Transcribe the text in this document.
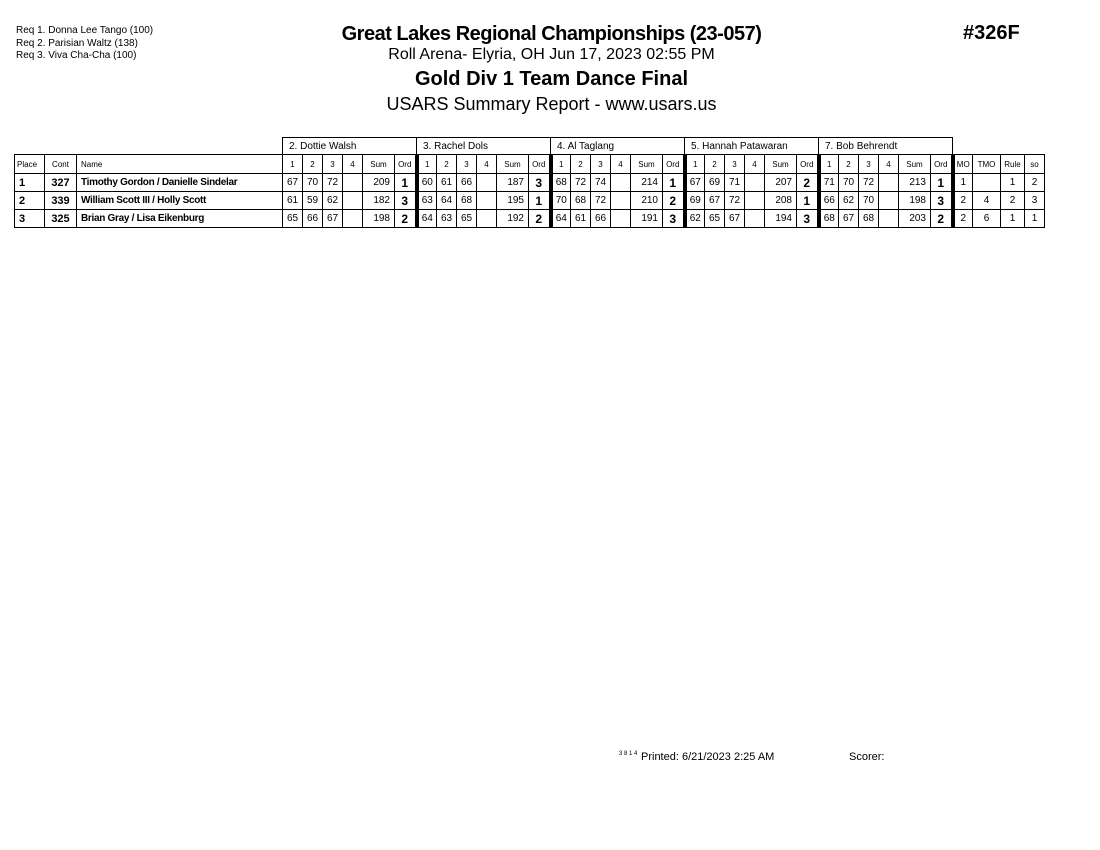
Req 1. Donna Lee Tango (100)
Req 2. Parisian Waltz (138)
Req 3. Viva Cha-Cha (100)
Great Lakes Regional Championships (23-057)
Roll Arena- Elyria, OH Jun 17, 2023 02:55 PM
Gold Div 1 Team Dance Final
USARS Summary Report - www.usars.us
#326F
			2. Dottie Walsh						3. Rachel Dols						4. Al Taglang						5. Hannah Patawaran						7. Bob Behrendt									
Place	Cont	Name	1	2	3	4	Sum	Ord	1	2	3	4	Sum	Ord	1	2	3	4	Sum	Ord	1	2	3	4	Sum	Ord	1	2	3	4	Sum	Ord	MO	TMO	Rule	so
1	327	Timothy Gordon / Danielle Sindelar	67	70	72		209	1	60	61	66		187	3	68	72	74		214	1	67	69	71		207	2	71	70	72		213	1	1		1	2
2	339	William Scott III / Holly Scott	61	59	62		182	3	63	64	68		195	1	70	68	72		210	2	69	67	72		208	1	66	62	70		198	3	2	4	2	3
3	325	Brian Gray / Lisa Eikenburg	65	66	67		198	2	64	63	65		192	2	64	61	66		191	3	62	65	67		194	3	68	67	68		203	2	2	6	1	1
3 8 1 4 Printed: 6/21/2023 2:25 AM	Scorer:
